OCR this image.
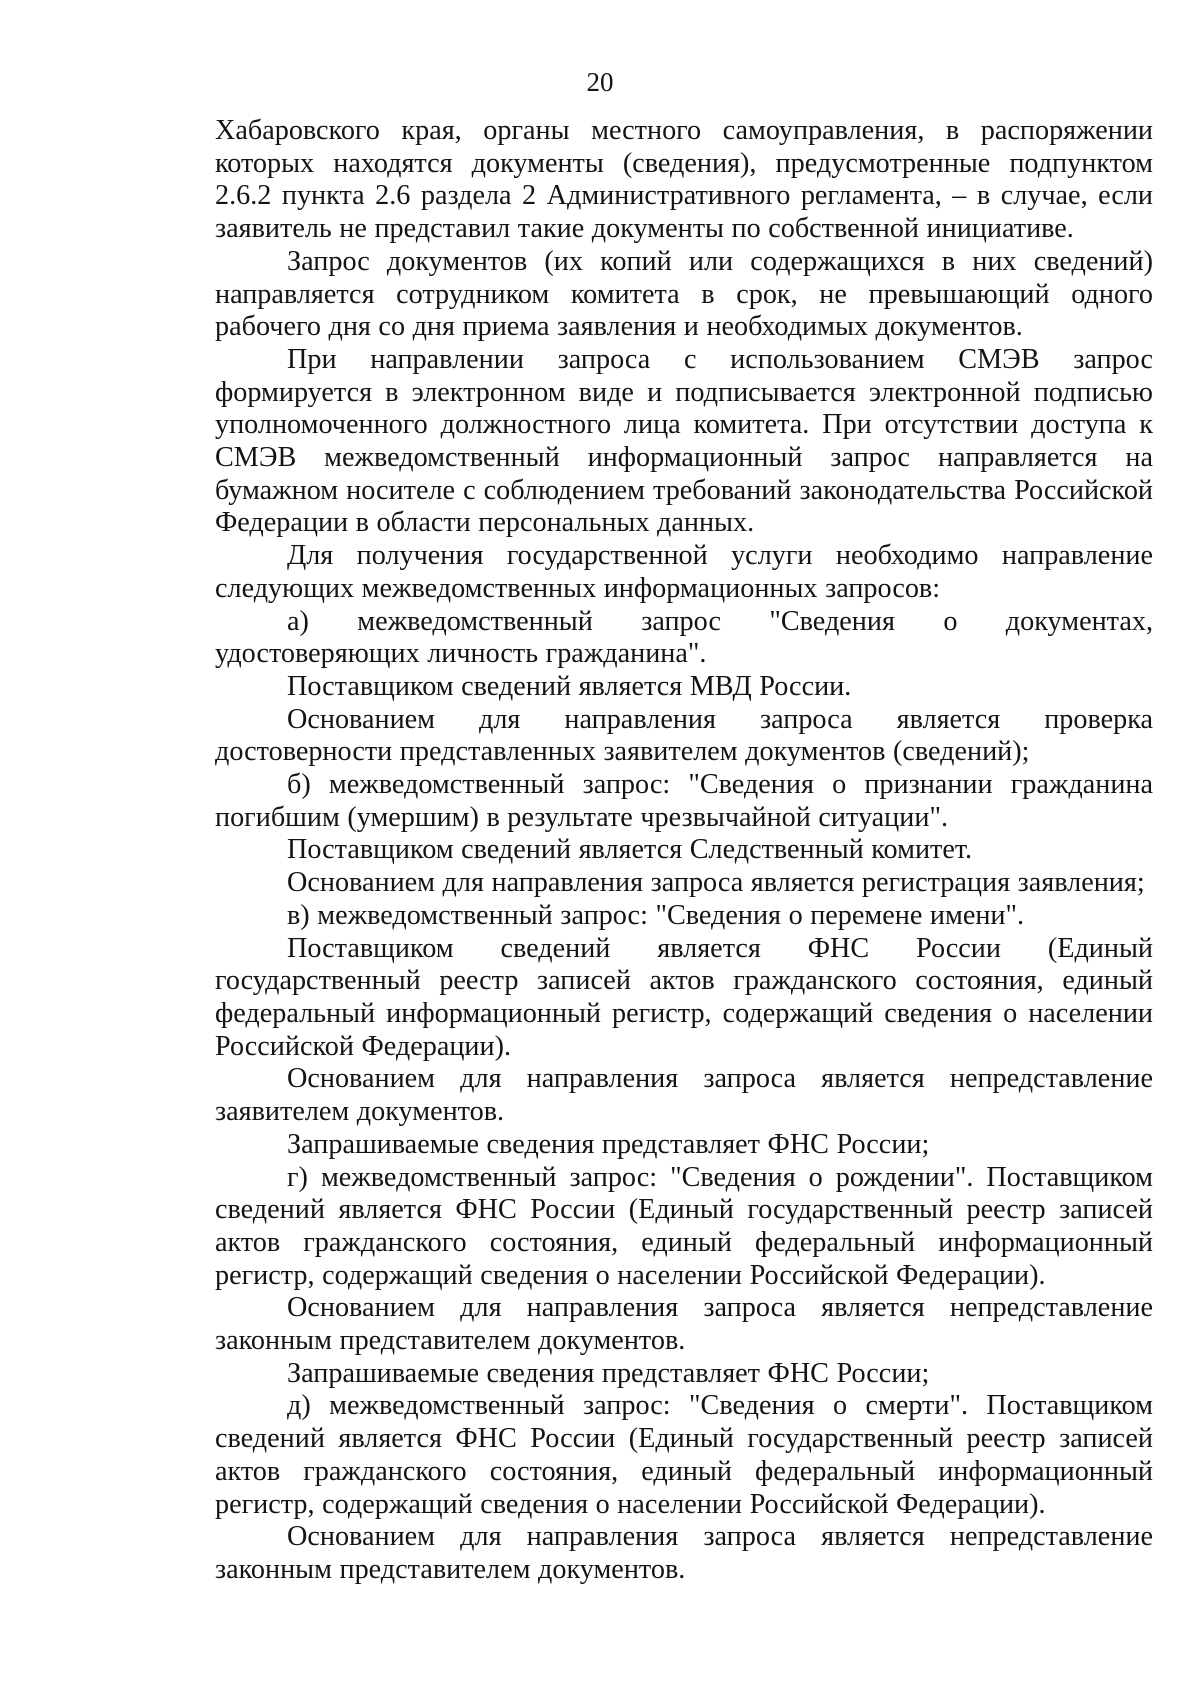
20

Хабаровского края, органы местного самоуправления, в распоряжении которых находятся документы (сведения), предусмотренные подпунктом 2.6.2 пункта 2.6 раздела 2 Административного регламента, – в случае, если заявитель не представил такие документы по собственной инициативе.

Запрос документов (их копий или содержащихся в них сведений) направляется сотрудником комитета в срок, не превышающий одного рабочего дня со дня приема заявления и необходимых документов.

При направлении запроса с использованием СМЭВ запрос формируется в электронном виде и подписывается электронной подписью уполномоченного должностного лица комитета. При отсутствии доступа к СМЭВ межведомственный информационный запрос направляется на бумажном носителе с соблюдением требований законодательства Российской Федерации в области персональных данных.

Для получения государственной услуги необходимо направление следующих межведомственных информационных запросов:

а) межведомственный запрос "Сведения о документах, удостоверяющих личность гражданина".

Поставщиком сведений является МВД России.

Основанием для направления запроса является проверка достоверности представленных заявителем документов (сведений);

б) межведомственный запрос: "Сведения о признании гражданина погибшим (умершим) в результате чрезвычайной ситуации".

Поставщиком сведений является Следственный комитет.

Основанием для направления запроса является регистрация заявления;

в) межведомственный запрос: "Сведения о перемене имени".

Поставщиком сведений является ФНС России (Единый государственный реестр записей актов гражданского состояния, единый федеральный информационный регистр, содержащий сведения о населении Российской Федерации).

Основанием для направления запроса является непредставление заявителем документов.

Запрашиваемые сведения представляет ФНС России;

г) межведомственный запрос: "Сведения о рождении". Поставщиком сведений является ФНС России (Единый государственный реестр записей актов гражданского состояния, единый федеральный информационный регистр, содержащий сведения о населении Российской Федерации).

Основанием для направления запроса является непредставление законным представителем документов.

Запрашиваемые сведения представляет ФНС России;

д) межведомственный запрос: "Сведения о смерти". Поставщиком сведений является ФНС России (Единый государственный реестр записей актов гражданского состояния, единый федеральный информационный регистр, содержащий сведения о населении Российской Федерации).

Основанием для направления запроса является непредставление законным представителем документов.
